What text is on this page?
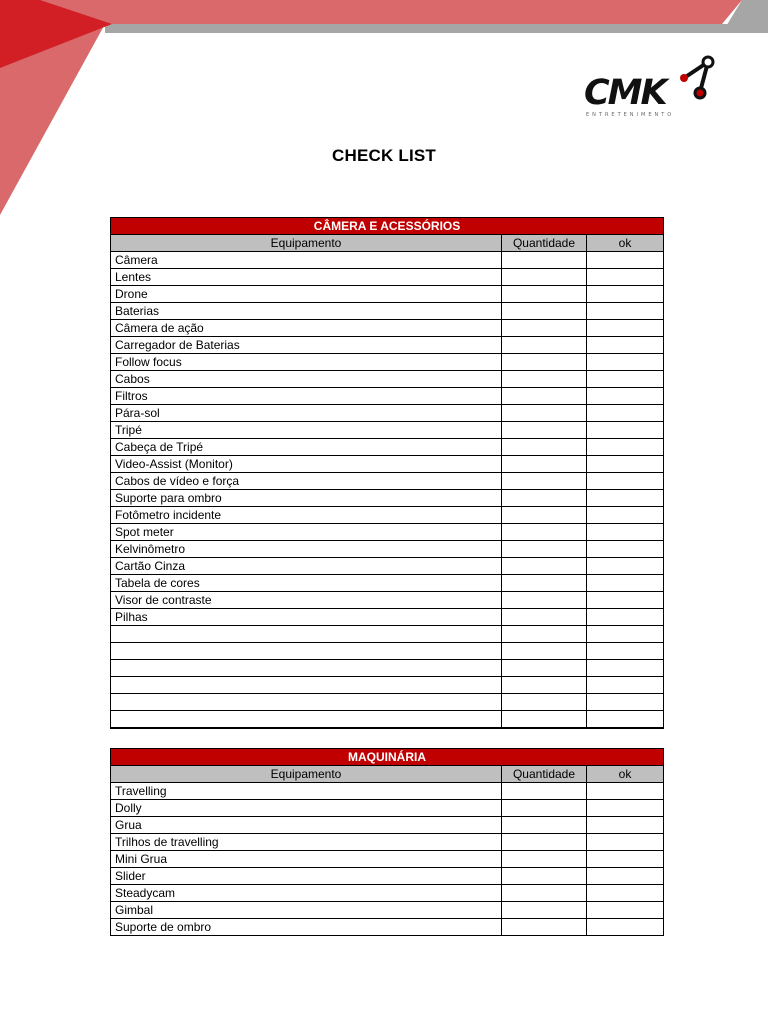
CMK
ENTRETENIMENTO
CHECK LIST
CÂMERA E ACESSÓRIOS		
Equipamento	Quantidade	ok
Câmera		
Lentes		
Drone		
Baterias		
Câmera de ação		
Carregador de Baterias		
Follow focus		
Cabos		
Filtros		
Pára-sol		
Tripé		
Cabeça de Tripé		
Video-Assist (Monitor)		
Cabos de vídeo e força		
Suporte para ombro		
Fotômetro incidente		
Spot meter		
Kelvinômetro		
Cartão Cinza		
Tabela de cores		
Visor de contraste		
Pilhas		

MAQUINÁRIA		
Equipamento	Quantidade	ok
Travelling		
Dolly		
Grua		
Trilhos de travelling		
Mini Grua		
Slider		
Steadycam		
Gimbal		
Suporte de ombro		
